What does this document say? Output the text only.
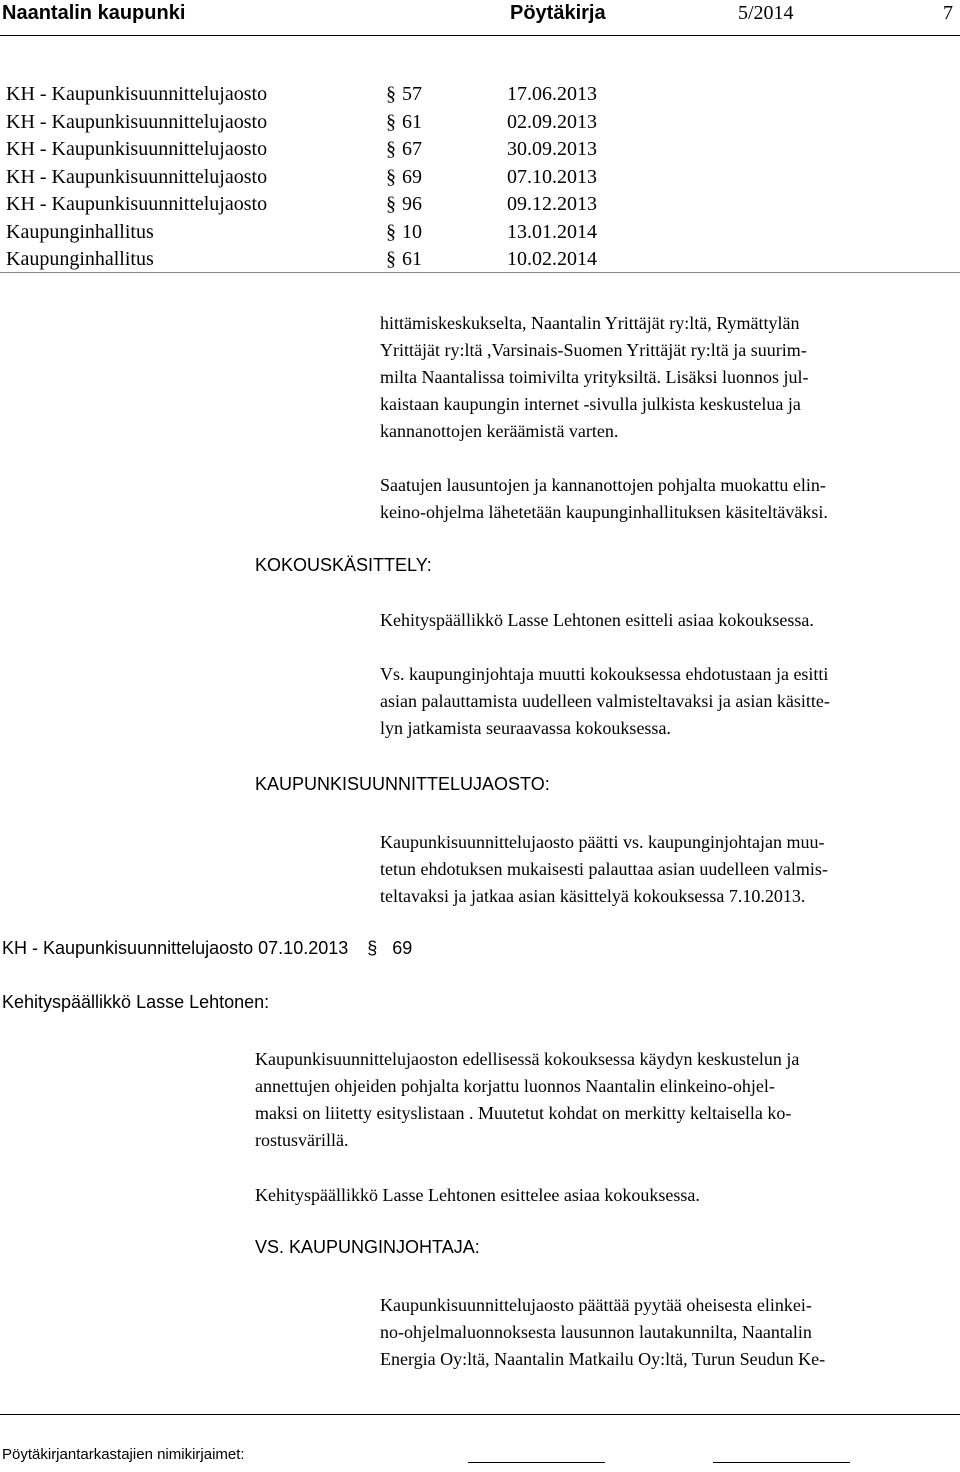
Naantalin kaupunki	Pöytäkirja	5/2014	7
KH - Kaupunkisuunnittelujaosto	§ 57	17.06.2013
KH - Kaupunkisuunnittelujaosto	§ 61	02.09.2013
KH - Kaupunkisuunnittelujaosto	§ 67	30.09.2013
KH - Kaupunkisuunnittelujaosto	§ 69	07.10.2013
KH - Kaupunkisuunnittelujaosto	§ 96	09.12.2013
Kaupunginhallitus	§ 10	13.01.2014
Kaupunginhallitus	§ 61	10.02.2014
hittämiskeskukselta, Naantalin Yrittäjät ry:ltä, Rymättylän
Yrittäjät ry:ltä ,Varsinais-Suomen Yrittäjät ry:ltä ja suurim-
milta Naantalissa toimivilta yrityksiltä. Lisäksi luonnos jul-
kaistaan kaupungin internet -sivulla julkista keskustelua ja
kannanottojen keräämistä varten.
Saatujen lausuntojen ja kannanottojen pohjalta muokattu elin-
keino-ohjelma lähetetään kaupunginhallituksen käsiteltäväksi.
KOKOUSKÄSITTELY:
Kehityspäällikkö Lasse Lehtonen esitteli asiaa kokouksessa.
Vs. kaupunginjohtaja muutti kokouksessa ehdotustaan ja esitti
asian palauttamista uudelleen valmisteltavaksi ja asian käsitte-
lyn jatkamista seuraavassa kokouksessa.
KAUPUNKISUUNNITTELUJAOSTO:
Kaupunkisuunnittelujaosto päätti vs. kaupunginjohtajan muu-
tetun ehdotuksen mukaisesti palauttaa asian uudelleen valmis-
teltavaksi ja jatkaa asian käsittelyä kokouksessa 7.10.2013.
KH - Kaupunkisuunnittelujaosto 07.10.2013 § 69
Kehityspäällikkö Lasse Lehtonen:
Kaupunkisuunnittelujaoston edellisessä kokouksessa käydyn keskustelun ja
annettujen ohjeiden pohjalta korjattu luonnos Naantalin elinkeino-ohjel-
maksi on liitetty esityslistaan . Muutetut kohdat on merkitty keltaisella ko-
rostusvärillä.
Kehityspäällikkö Lasse Lehtonen esittelee asiaa kokouksessa.
VS. KAUPUNGINJOHTAJA:
Kaupunkisuunnittelujaosto päättää pyytää oheisesta elinkei-
no-ohjelmaluonnoksesta lausunnon lautakunnilta, Naantalin
Energia Oy:ltä, Naantalin Matkailu Oy:ltä, Turun Seudun Ke-
Pöytäkirjantarkastajien nimikirjaimet:
